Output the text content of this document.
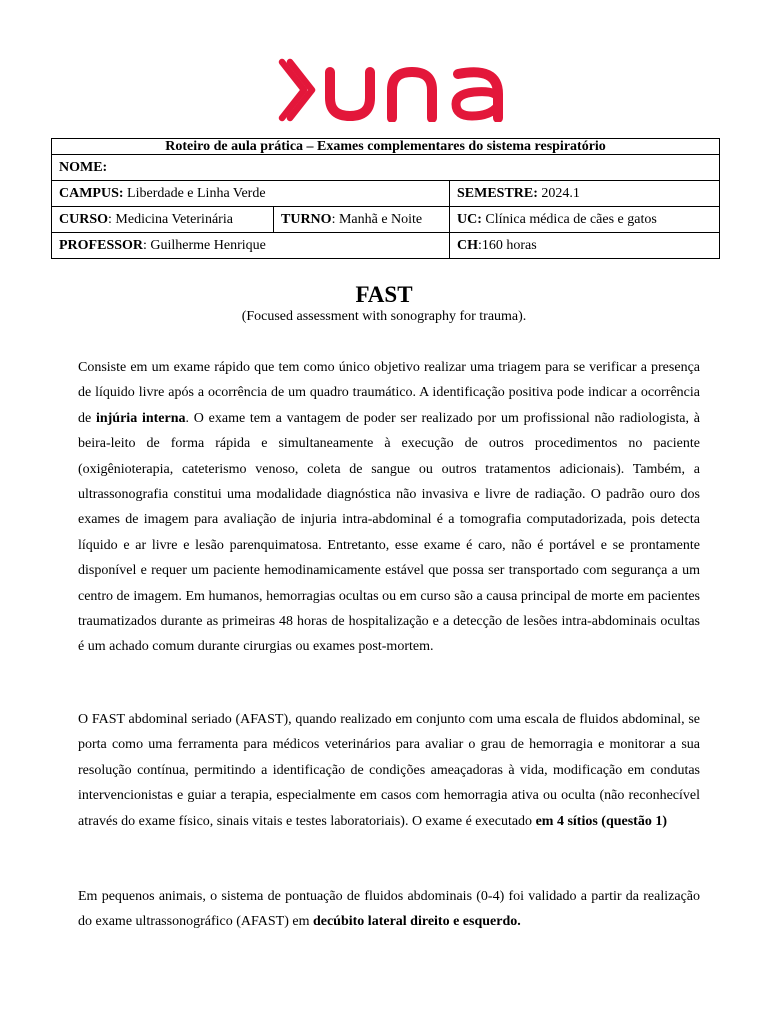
Roteiro de aula prática – Exames complementares do sistema respiratório		
NOME:		
CAMPUS: Liberdade e Linha Verde		SEMESTRE: 2024.1
CURSO: Medicina Veterinária	TURNO: Manhã e Noite	UC: Clínica médica de cães e gatos
PROFESSOR: Guilherme Henrique		CH:160 horas
FAST
(Focused assessment with sonography for trauma).

Consiste em um exame rápido que tem como único objetivo realizar uma triagem para se verificar a presença de líquido livre após a ocorrência de um quadro traumático. A identificação positiva pode indicar a ocorrência de injúria interna. O exame tem a vantagem de poder ser realizado por um profissional não radiologista, à beira-leito de forma rápida e simultaneamente à execução de outros procedimentos no paciente (oxigênioterapia, cateterismo venoso, coleta de sangue ou outros tratamentos adicionais). Também, a ultrassonografia constitui uma modalidade diagnóstica não invasiva e livre de radiação. O padrão ouro dos exames de imagem para avaliação de injuria intra-abdominal é a tomografia computadorizada, pois detecta líquido e ar livre e lesão parenquimatosa. Entretanto, esse exame é caro, não é portável e se prontamente disponível e requer um paciente hemodinamicamente estável que possa ser transportado com segurança a um centro de imagem. Em humanos, hemorragias ocultas ou em curso são a causa principal de morte em pacientes traumatizados durante as primeiras 48 horas de hospitalização e a detecção de lesões intra-abdominais ocultas é um achado comum durante cirurgias ou exames post-mortem.

O FAST abdominal seriado (AFAST), quando realizado em conjunto com uma escala de fluidos abdominal, se porta como uma ferramenta para médicos veterinários para avaliar o grau de hemorragia e monitorar a sua resolução contínua, permitindo a identificação de condições ameaçadoras à vida, modificação em condutas intervencionistas e guiar a terapia, especialmente em casos com hemorragia ativa ou oculta (não reconhecível através do exame físico, sinais vitais e testes laboratoriais). O exame é executado em 4 sítios (questão 1)

Em pequenos animais, o sistema de pontuação de fluidos abdominais (0-4) foi validado a partir da realização do exame ultrassonográfico (AFAST) em decúbito lateral direito e esquerdo.
